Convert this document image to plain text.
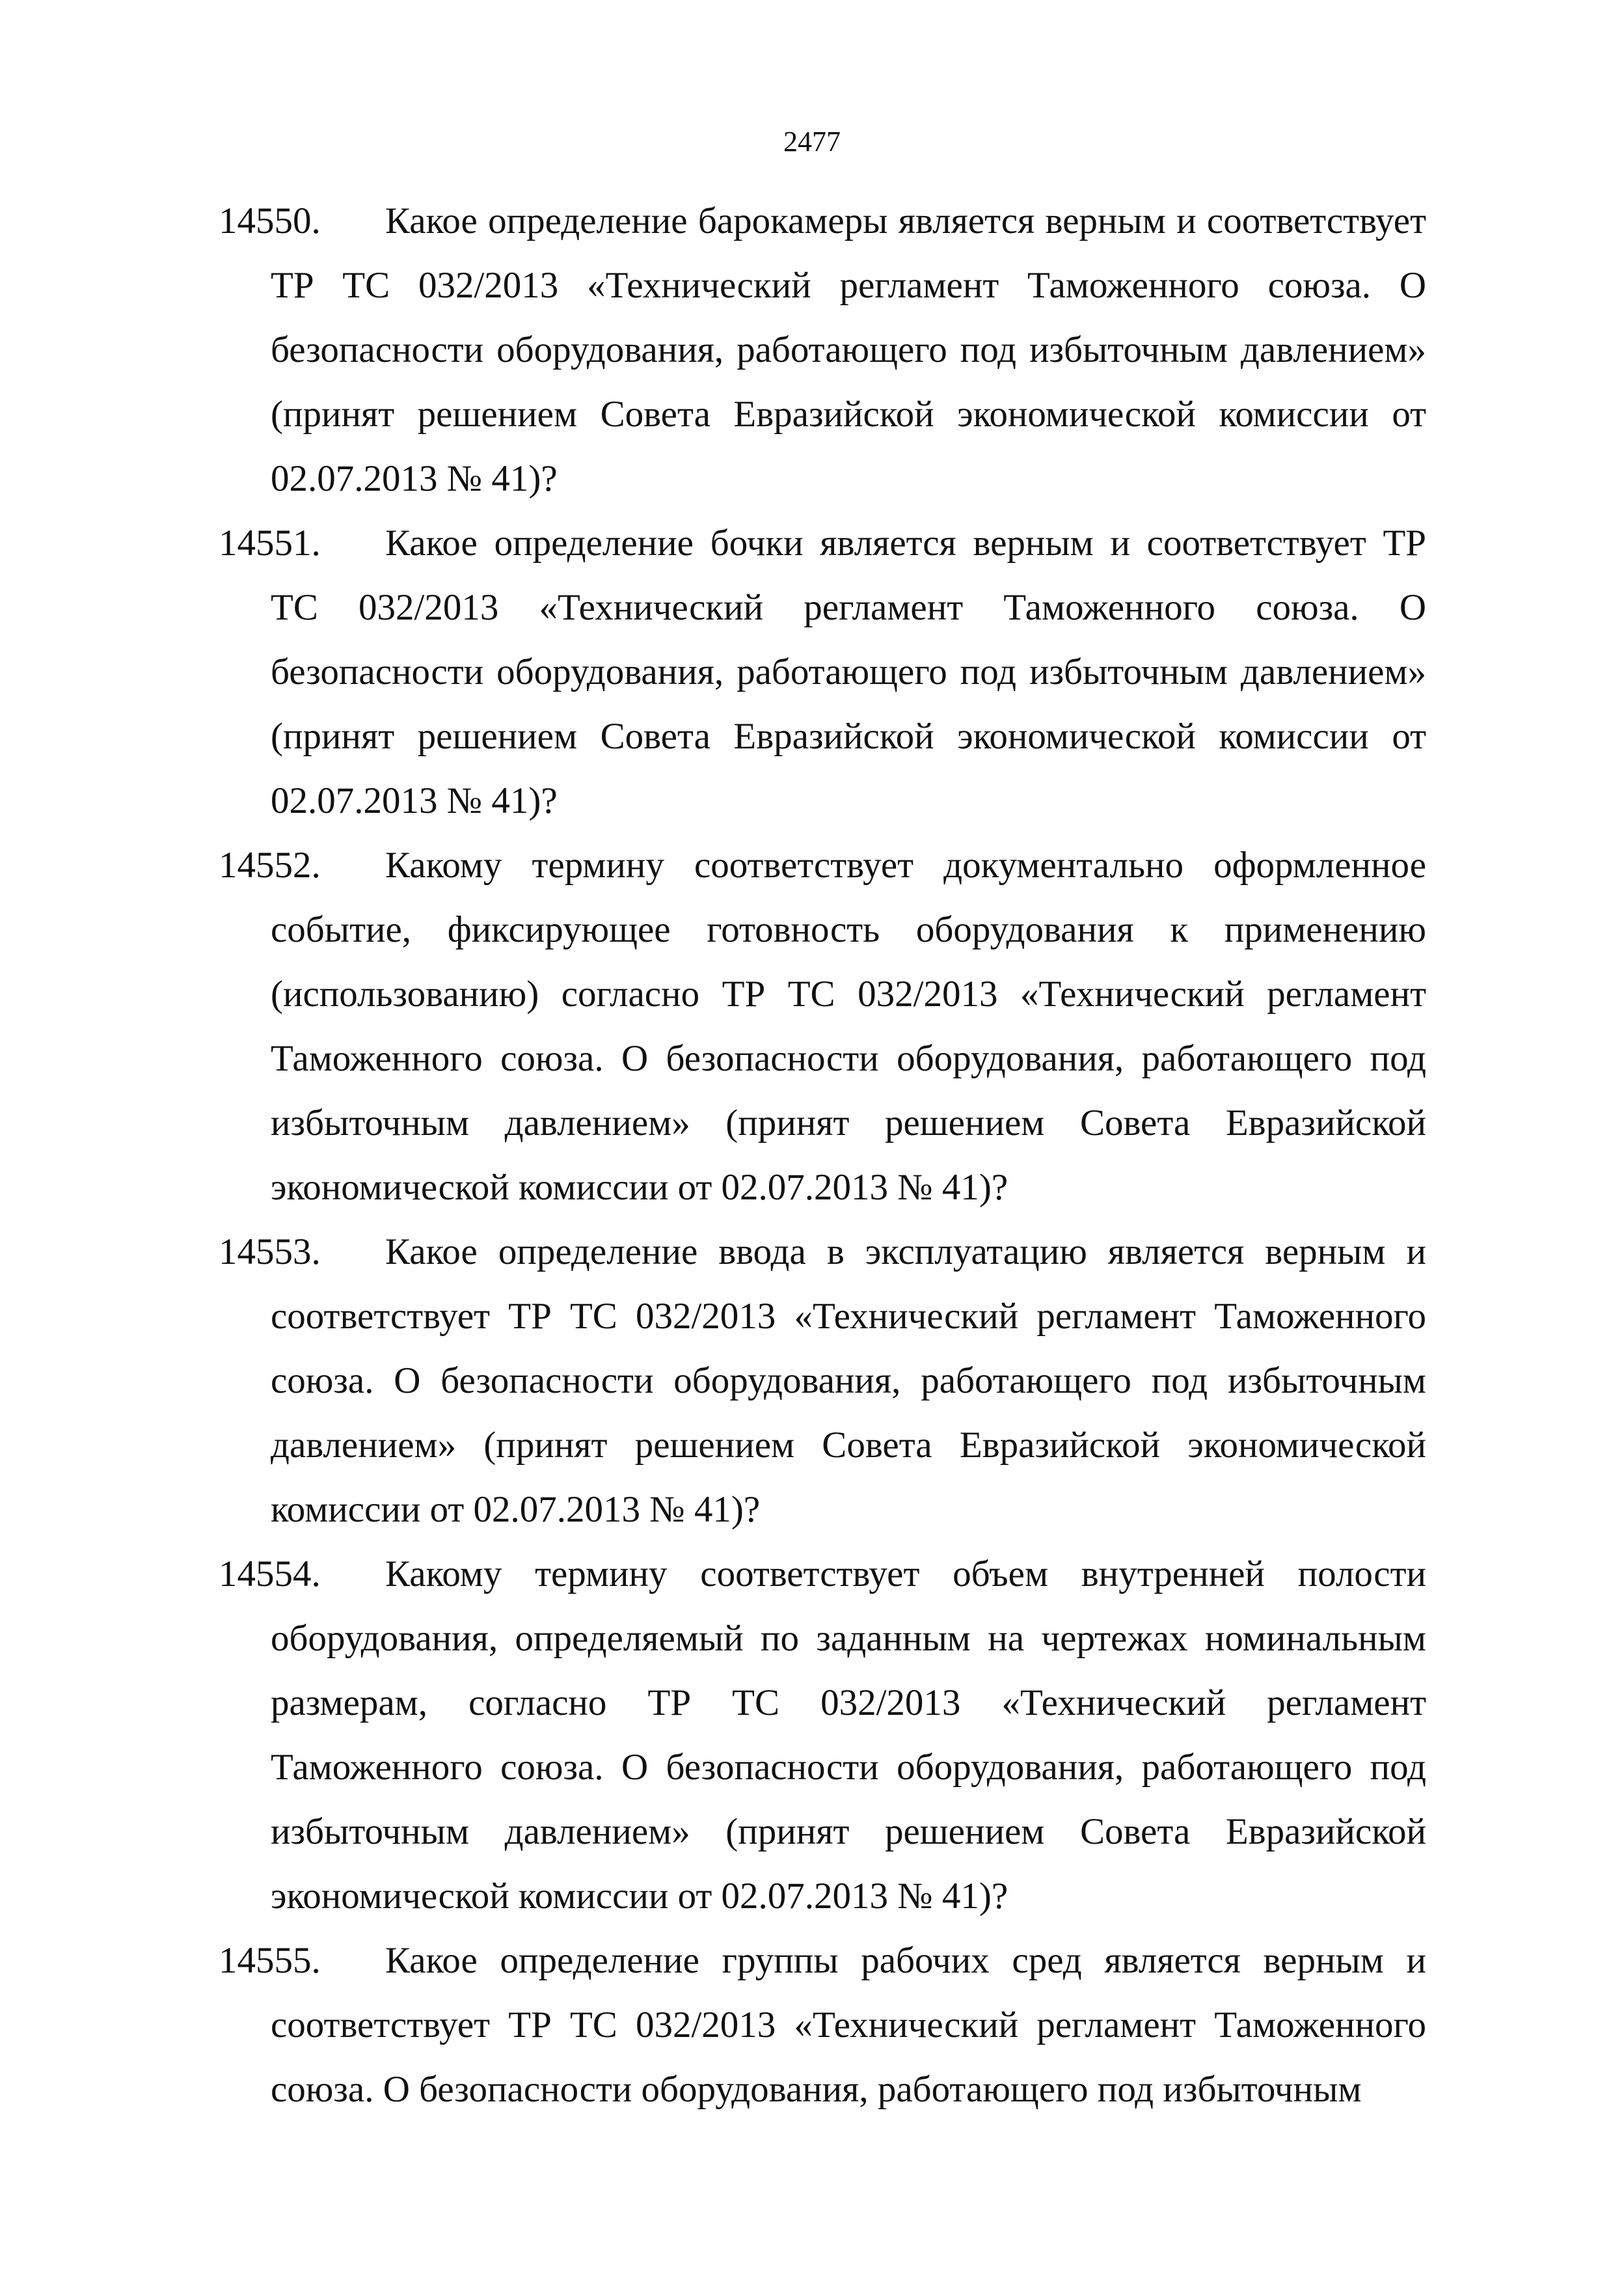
2477
14550.	Какое определение барокамеры является верным и соответствует ТР ТС 032/2013 «Технический регламент Таможенного союза. О безопасности оборудования, работающего под избыточным давлением» (принят решением Совета Евразийской экономической комиссии от 02.07.2013 № 41)?
14551.	Какое определение бочки является верным и соответствует ТР ТС 032/2013 «Технический регламент Таможенного союза. О безопасности оборудования, работающего под избыточным давлением» (принят решением Совета Евразийской экономической комиссии от 02.07.2013 № 41)?
14552.	Какому термину соответствует документально оформленное событие, фиксирующее готовность оборудования к применению (использованию) согласно ТР ТС 032/2013 «Технический регламент Таможенного союза. О безопасности оборудования, работающего под избыточным давлением» (принят решением Совета Евразийской экономической комиссии от 02.07.2013 № 41)?
14553.	Какое определение ввода в эксплуатацию является верным и соответствует ТР ТС 032/2013 «Технический регламент Таможенного союза. О безопасности оборудования, работающего под избыточным давлением» (принят решением Совета Евразийской экономической комиссии от 02.07.2013 № 41)?
14554.	Какому термину соответствует объем внутренней полости оборудования, определяемый по заданным на чертежах номинальным размерам, согласно ТР ТС 032/2013 «Технический регламент Таможенного союза. О безопасности оборудования, работающего под избыточным давлением» (принят решением Совета Евразийской экономической комиссии от 02.07.2013 № 41)?
14555.	Какое определение группы рабочих сред является верным и соответствует ТР ТС 032/2013 «Технический регламент Таможенного союза. О безопасности оборудования, работающего под избыточным
